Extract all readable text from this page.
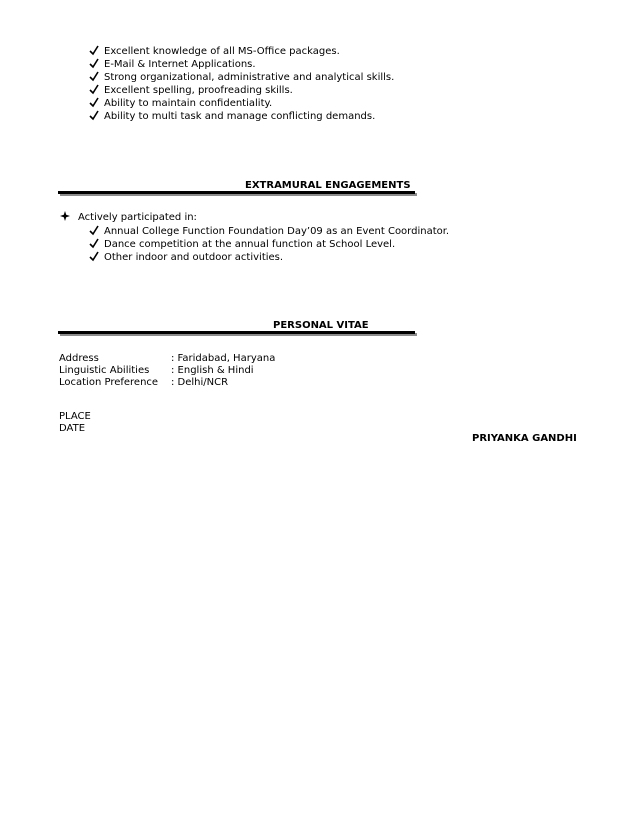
Excellent knowledge of all MS-Office packages.
E-Mail & Internet Applications.
Strong organizational, administrative and analytical skills.
Excellent spelling, proofreading skills.
Ability to maintain confidentiality.
Ability to multi task and manage conflicting demands.
EXTRAMURAL ENGAGEMENTS
Actively participated in:
Annual College Function Foundation Day’09 as an Event Coordinator.
Dance competition at the annual function at School Level.
Other indoor and outdoor activities.
PERSONAL VITAE
Address	: Faridabad, Haryana
Linguistic Abilities : English & Hindi
Location Preference : Delhi/NCR
PLACE
DATE
PRIYANKA GANDHI
